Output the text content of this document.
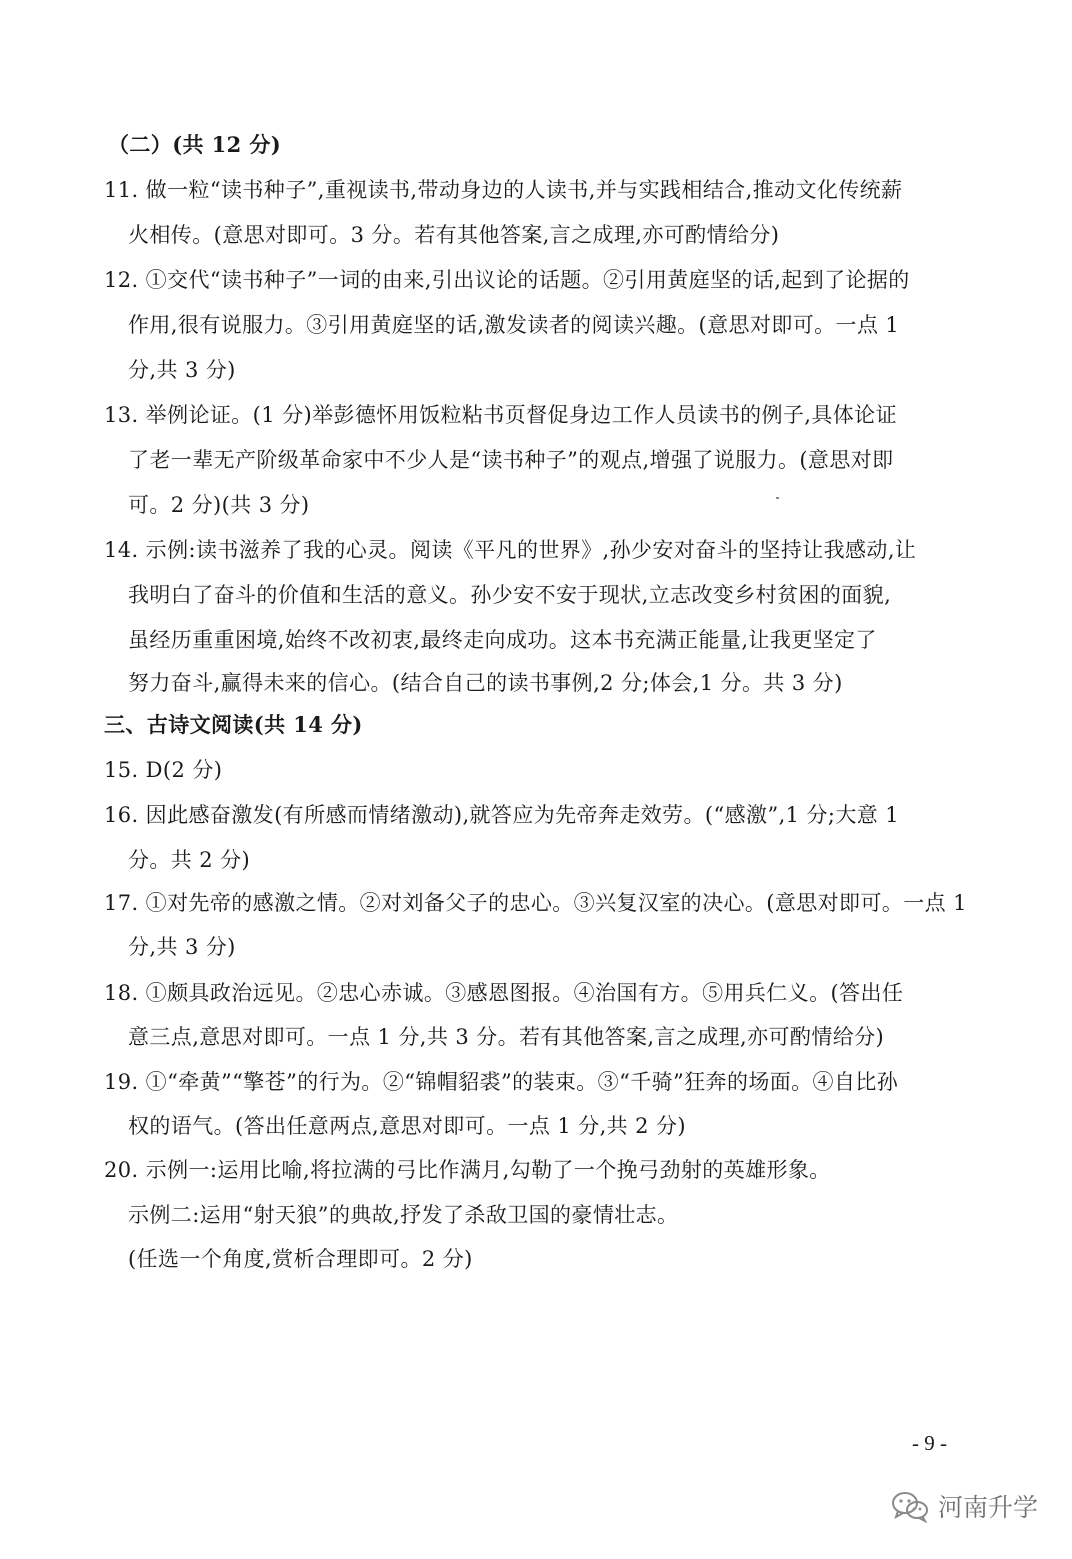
（二）(共 12 分)
11. 做一粒“读书种子”,重视读书,带动身边的人读书,并与实践相结合,推动文化传统薪
火相传。(意思对即可。3 分。若有其他答案,言之成理,亦可酌情给分)
12. ①交代“读书种子”一词的由来,引出议论的话题。②引用黄庭坚的话,起到了论据的
作用,很有说服力。③引用黄庭坚的话,激发读者的阅读兴趣。(意思对即可。一点 1
分,共 3 分)
13. 举例论证。(1 分)举彭德怀用饭粒粘书页督促身边工作人员读书的例子,具体论证
了老一辈无产阶级革命家中不少人是“读书种子”的观点,增强了说服力。(意思对即
可。2 分)(共 3 分)
14. 示例:读书滋养了我的心灵。阅读《平凡的世界》,孙少安对奋斗的坚持让我感动,让
我明白了奋斗的价值和生活的意义。孙少安不安于现状,立志改变乡村贫困的面貌,
虽经历重重困境,始终不改初衷,最终走向成功。这本书充满正能量,让我更坚定了
努力奋斗,赢得未来的信心。(结合自己的读书事例,2 分;体会,1 分。共 3 分)
三、古诗文阅读(共 14 分)
15. D(2 分)
16. 因此感奋激发(有所感而情绪激动),就答应为先帝奔走效劳。(“感激”,1 分;大意 1
分。共 2 分)
17. ①对先帝的感激之情。②对刘备父子的忠心。③兴复汉室的决心。(意思对即可。一点 1
分,共 3 分)
18. ①颇具政治远见。②忠心赤诚。③感恩图报。④治国有方。⑤用兵仁义。(答出任
意三点,意思对即可。一点 1 分,共 3 分。若有其他答案,言之成理,亦可酌情给分)
19. ①“牵黄”“擎苍”的行为。②“锦帽貂裘”的装束。③“千骑”狂奔的场面。④自比孙
权的语气。(答出任意两点,意思对即可。一点 1 分,共 2 分)
20. 示例一:运用比喻,将拉满的弓比作满月,勾勒了一个挽弓劲射的英雄形象。
示例二:运用“射天狼”的典故,抒发了杀敌卫国的豪情壮志。
(任选一个角度,赏析合理即可。2 分)
- 9 -
河南升学
